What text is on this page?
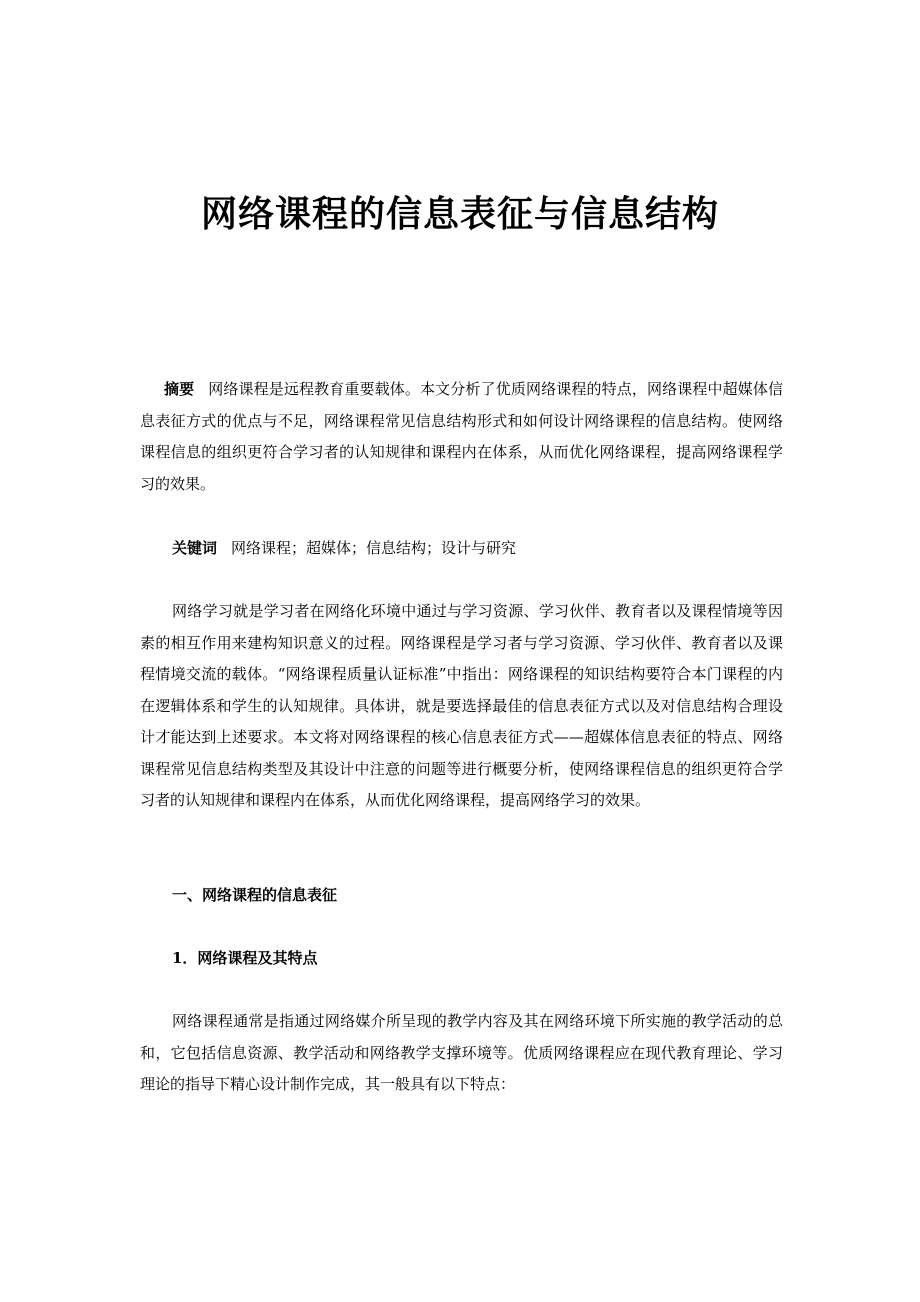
网络课程的信息表征与信息结构
摘要 网络课程是远程教育重要载体。本文分析了优质网络课程的特点，网络课程中超媒体信息表征方式的优点与不足，网络课程常见信息结构形式和如何设计网络课程的信息结构。使网络课程信息的组织更符合学习者的认知规律和课程内在体系，从而优化网络课程，提高网络课程学习的效果。
关键词 网络课程；超媒体；信息结构；设计与研究
网络学习就是学习者在网络化环境中通过与学习资源、学习伙伴、教育者以及课程情境等因素的相互作用来建构知识意义的过程。网络课程是学习者与学习资源、学习伙伴、教育者以及课程情境交流的载体。“网络课程质量认证标准”中指出：网络课程的知识结构要符合本门课程的内在逻辑体系和学生的认知规律。具体讲，就是要选择最佳的信息表征方式以及对信息结构合理设计才能达到上述要求。本文将对网络课程的核心信息表征方式——超媒体信息表征的特点、网络课程常见信息结构类型及其设计中注意的问题等进行概要分析，使网络课程信息的组织更符合学习者的认知规律和课程内在体系，从而优化网络课程，提高网络学习的效果。
一、网络课程的信息表征
1．网络课程及其特点
网络课程通常是指通过网络媒介所呈现的教学内容及其在网络环境下所实施的教学活动的总和，它包括信息资源、教学活动和网络教学支撑环境等。优质网络课程应在现代教育理论、学习理论的指导下精心设计制作完成，其一般具有以下特点：
